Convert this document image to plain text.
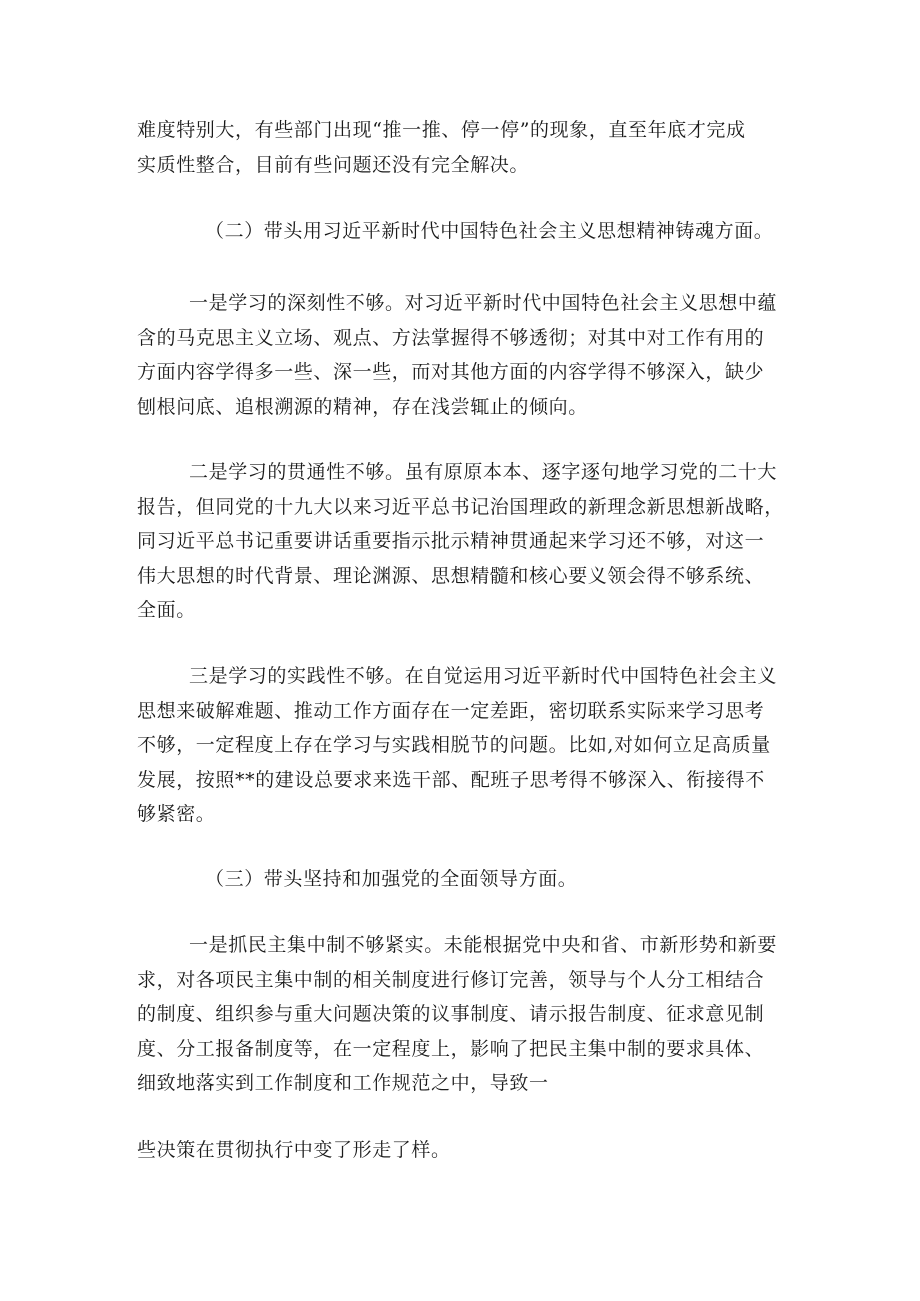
难度特别大，有些部门出现“推一推、停一停”的现象，直至年底才完成
实质性整合，目前有些问题还没有完全解决。
（二）带头用习近平新时代中国特色社会主义思想精神铸魂方面。
一是学习的深刻性不够。对习近平新时代中国特色社会主义思想中蕴
含的马克思主义立场、观点、方法掌握得不够透彻；对其中对工作有用的
方面内容学得多一些、深一些，而对其他方面的内容学得不够深入，缺少
刨根问底、追根溯源的精神，存在浅尝辄止的倾向。
二是学习的贯通性不够。虽有原原本本、逐字逐句地学习党的二十大
报告，但同党的十九大以来习近平总书记治国理政的新理念新思想新战略，
同习近平总书记重要讲话重要指示批示精神贯通起来学习还不够，对这一
伟大思想的时代背景、理论渊源、思想精髓和核心要义领会得不够系统、
全面。
三是学习的实践性不够。在自觉运用习近平新时代中国特色社会主义
思想来破解难题、推动工作方面存在一定差距，密切联系实际来学习思考
不够，一定程度上存在学习与实践相脱节的问题。比如,对如何立足高质量
发展，按照**的建设总要求来选干部、配班子思考得不够深入、衔接得不
够紧密。
（三）带头坚持和加强党的全面领导方面。
一是抓民主集中制不够紧实。未能根据党中央和省、市新形势和新要
求，对各项民主集中制的相关制度进行修订完善，领导与个人分工相结合
的制度、组织参与重大问题决策的议事制度、请示报告制度、征求意见制
度、分工报备制度等，在一定程度上，影响了把民主集中制的要求具体、
细致地落实到工作制度和工作规范之中，导致一
些决策在贯彻执行中变了形走了样。
